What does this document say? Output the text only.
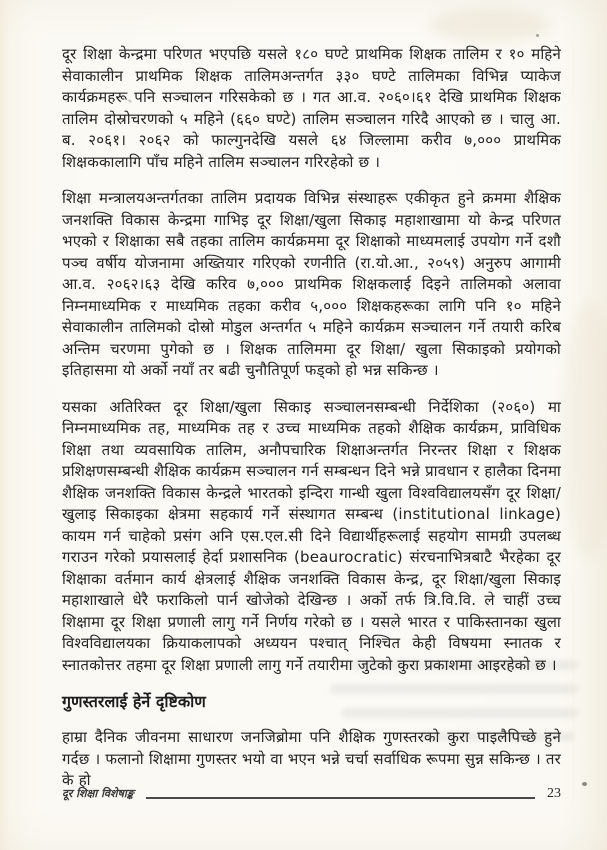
दूर शिक्षा केन्द्रमा परिणत भएपछि यसले १८० घण्टे प्राथमिक शिक्षक तालिम र १० महिने सेवाकालीन प्राथमिक शिक्षक तालिमअन्तर्गत ३३० घण्टे तालिमका विभिन्न प्याकेज कार्यक्रमहरू पनि सञ्चालन गरिसकेको छ । गत आ.व. २०६०।६१ देखि प्राथमिक शिक्षक तालिम दोस्रोचरणको ५ महिने (६६० घण्टे) तालिम सञ्चालन गरिदै आएको छ । चालु आ. ब. २०६१। २०६२ को फाल्गुनदेखि यसले ६४ जिल्लामा करीव ७,००० प्राथमिक शिक्षककालागि पाँच महिने तालिम सञ्चालन गरिरहेको छ ।

शिक्षा मन्त्रालयअन्तर्गतका तालिम प्रदायक विभिन्न संस्थाहरू एकीकृत हुने क्रममा शैक्षिक जनशक्ति विकास केन्द्रमा गाभिइ दूर शिक्षा/खुला सिकाइ महाशाखामा यो केन्द्र परिणत भएको र शिक्षाका सबै तहका तालिम कार्यक्रममा दूर शिक्षाको माध्यमलाई उपयोग गर्ने दशौ पञ्च वर्षीय योजनामा अख्तियार गरिएको रणनीति (रा.यो.आ., २०५९) अनुरुप आगामी आ.व. २०६२।६३ देखि करिव ७,००० प्राथमिक शिक्षकलाई दिइने तालिमको अलावा निम्नमाध्यमिक र माध्यमिक तहका करीव ५,००० शिक्षकहरूका लागि पनि १० महिने सेवाकालीन तालिमको दोस्रो मोडुल अन्तर्गत ५ महिने कार्यक्रम सञ्चालन गर्ने तयारी करिब अन्तिम चरणमा पुगेको छ । शिक्षक तालिममा दूर शिक्षा/ खुला सिकाइको प्रयोगको इतिहासमा यो अर्को नयाँ तर बढी चुनौतिपूर्ण फड्को हो भन्न सकिन्छ ।

यसका अतिरिक्त दूर शिक्षा/खुला सिकाइ सञ्चालनसम्बन्धी निर्देशिका (२०६०) मा निम्नमाध्यमिक तह, माध्यमिक तह र उच्च माध्यमिक तहको शैक्षिक कार्यक्रम, प्राविधिक शिक्षा तथा व्यवसायिक तालिम, अनौपचारिक शिक्षाअन्तर्गत निरन्तर शिक्षा र शिक्षक प्रशिक्षणसम्बन्धी शैक्षिक कार्यक्रम सञ्चालन गर्न सम्बन्धन दिने भन्ने प्रावधान र हालैका दिनमा शैक्षिक जनशक्ति विकास केन्द्रले भारतको इन्दिरा गान्धी खुला विश्वविद्यालयसँग दूर शिक्षा/खुलाइ सिकाइका क्षेत्रमा सहकार्य गर्ने संस्थागत सम्बन्ध (institutional linkage) कायम गर्न चाहेको प्रसंग अनि एस.एल.सी दिने विद्यार्थीहरूलाई सहयोग सामग्री उपलब्ध गराउन गरेको प्रयासलाई हेर्दा प्रशासनिक (beaurocratic) संरचनाभित्रबाटै भैरहेका दूर शिक्षाका वर्तमान कार्य क्षेत्रलाई शैक्षिक जनशक्ति विकास केन्द्र, दूर शिक्षा/खुला सिकाइ महाशाखाले धेरै फराकिलो पार्न खोजेको देखिन्छ । अर्को तर्फ त्रि.वि.वि. ले चाहीं उच्च शिक्षामा दूर शिक्षा प्रणाली लागु गर्ने निर्णय गरेको छ । यसले भारत र पाकिस्तानका खुला विश्वविद्यालयका क्रियाकलापको अध्ययन पश्चात् निश्चित केही विषयमा स्नातक र स्नातकोत्तर तहमा दूर शिक्षा प्रणाली लागु गर्ने तयारीमा जुटेको कुरा प्रकाशमा आइरहेको छ ।

गुणस्तरलाई हेर्ने दृष्टिकोण

हाम्रा दैनिक जीवनमा साधारण जनजिब्रोमा पनि शैक्षिक गुणस्तरको कुरा पाइलैपिच्छे हुने गर्दछ । फलानो शिक्षामा गुणस्तर भयो वा भएन भन्ने चर्चा सर्वाधिक रूपमा सुन्न सकिन्छ । तर के हो

दूर शिक्षा विशेषाङ्क	23
